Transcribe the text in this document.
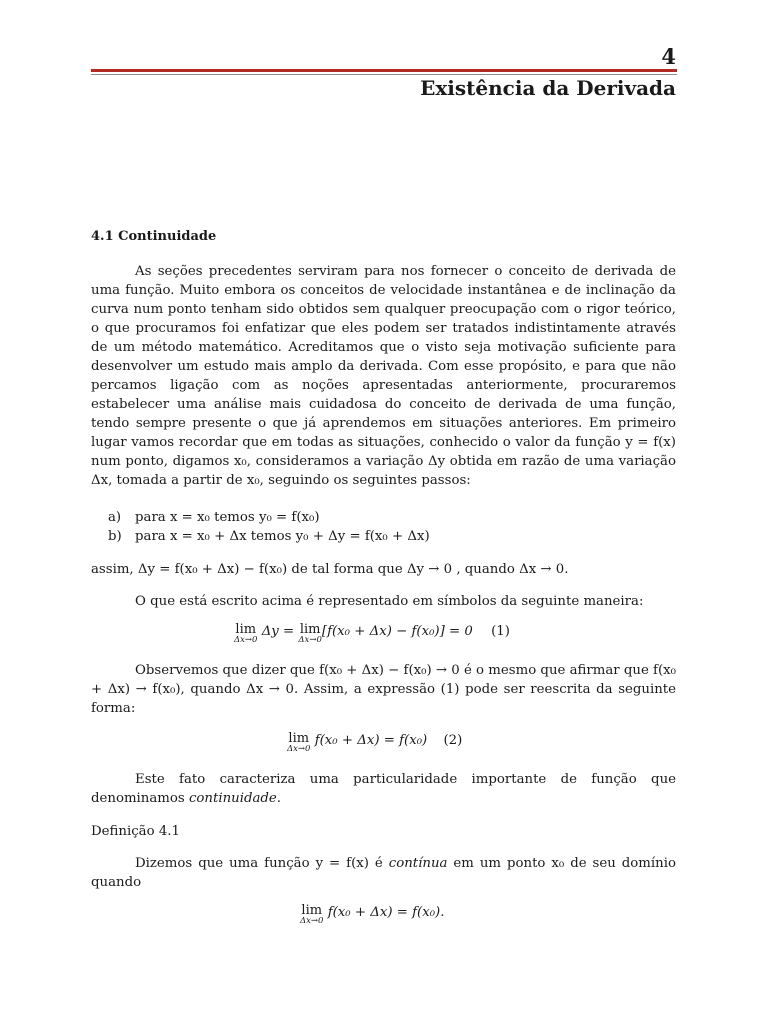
4
Existência da Derivada
4.1 Continuidade

As seções precedentes serviram para nos fornecer o conceito de derivada de uma função. Muito embora os conceitos de velocidade instantânea e de inclinação da curva num ponto tenham sido obtidos sem qualquer preocupação com o rigor teórico, o que procuramos foi enfatizar que eles podem ser tratados indistintamente através de um método matemático. Acreditamos que o visto seja motivação suficiente para desenvolver um estudo mais amplo da derivada. Com esse propósito, e para que não percamos ligação com as noções apresentadas anteriormente, procuraremos estabelecer uma análise mais cuidadosa do conceito de derivada de uma função, tendo sempre presente o que já aprendemos em situações anteriores. Em primeiro lugar vamos recordar que em todas as situações, conhecido o valor da função y = f(x) num ponto, digamos x₀, consideramos a variação Δy obtida em razão de uma variação Δx, tomada a partir de x₀, seguindo os seguintes passos:

a) para x = x₀ temos y₀ = f(x₀)
b) para x = x₀ + Δx temos y₀ + Δy = f(x₀ + Δx)

assim, Δy = f(x₀ + Δx) − f(x₀) de tal forma que Δy → 0 , quando Δx → 0.

O que está escrito acima é representado em símbolos da seguinte maneira:

lim
Δx→0
Δy = lim
Δx→0
[f(x₀ + Δx) − f(x₀)] = 0 (1)

Observemos que dizer que f(x₀ + Δx) − f(x₀) → 0 é o mesmo que afirmar que f(x₀ + Δx) → f(x₀), quando Δx → 0. Assim, a expressão (1) pode ser reescrita da seguinte forma:

lim
Δx→0
f(x₀ + Δx) = f(x₀) (2)

Este fato caracteriza uma particularidade importante de função que denominamos continuidade.

Definição 4.1

Dizemos que uma função y = f(x) é contínua em um ponto x₀ de seu domínio quando

lim
Δx→0
f(x₀ + Δx) = f(x₀).
